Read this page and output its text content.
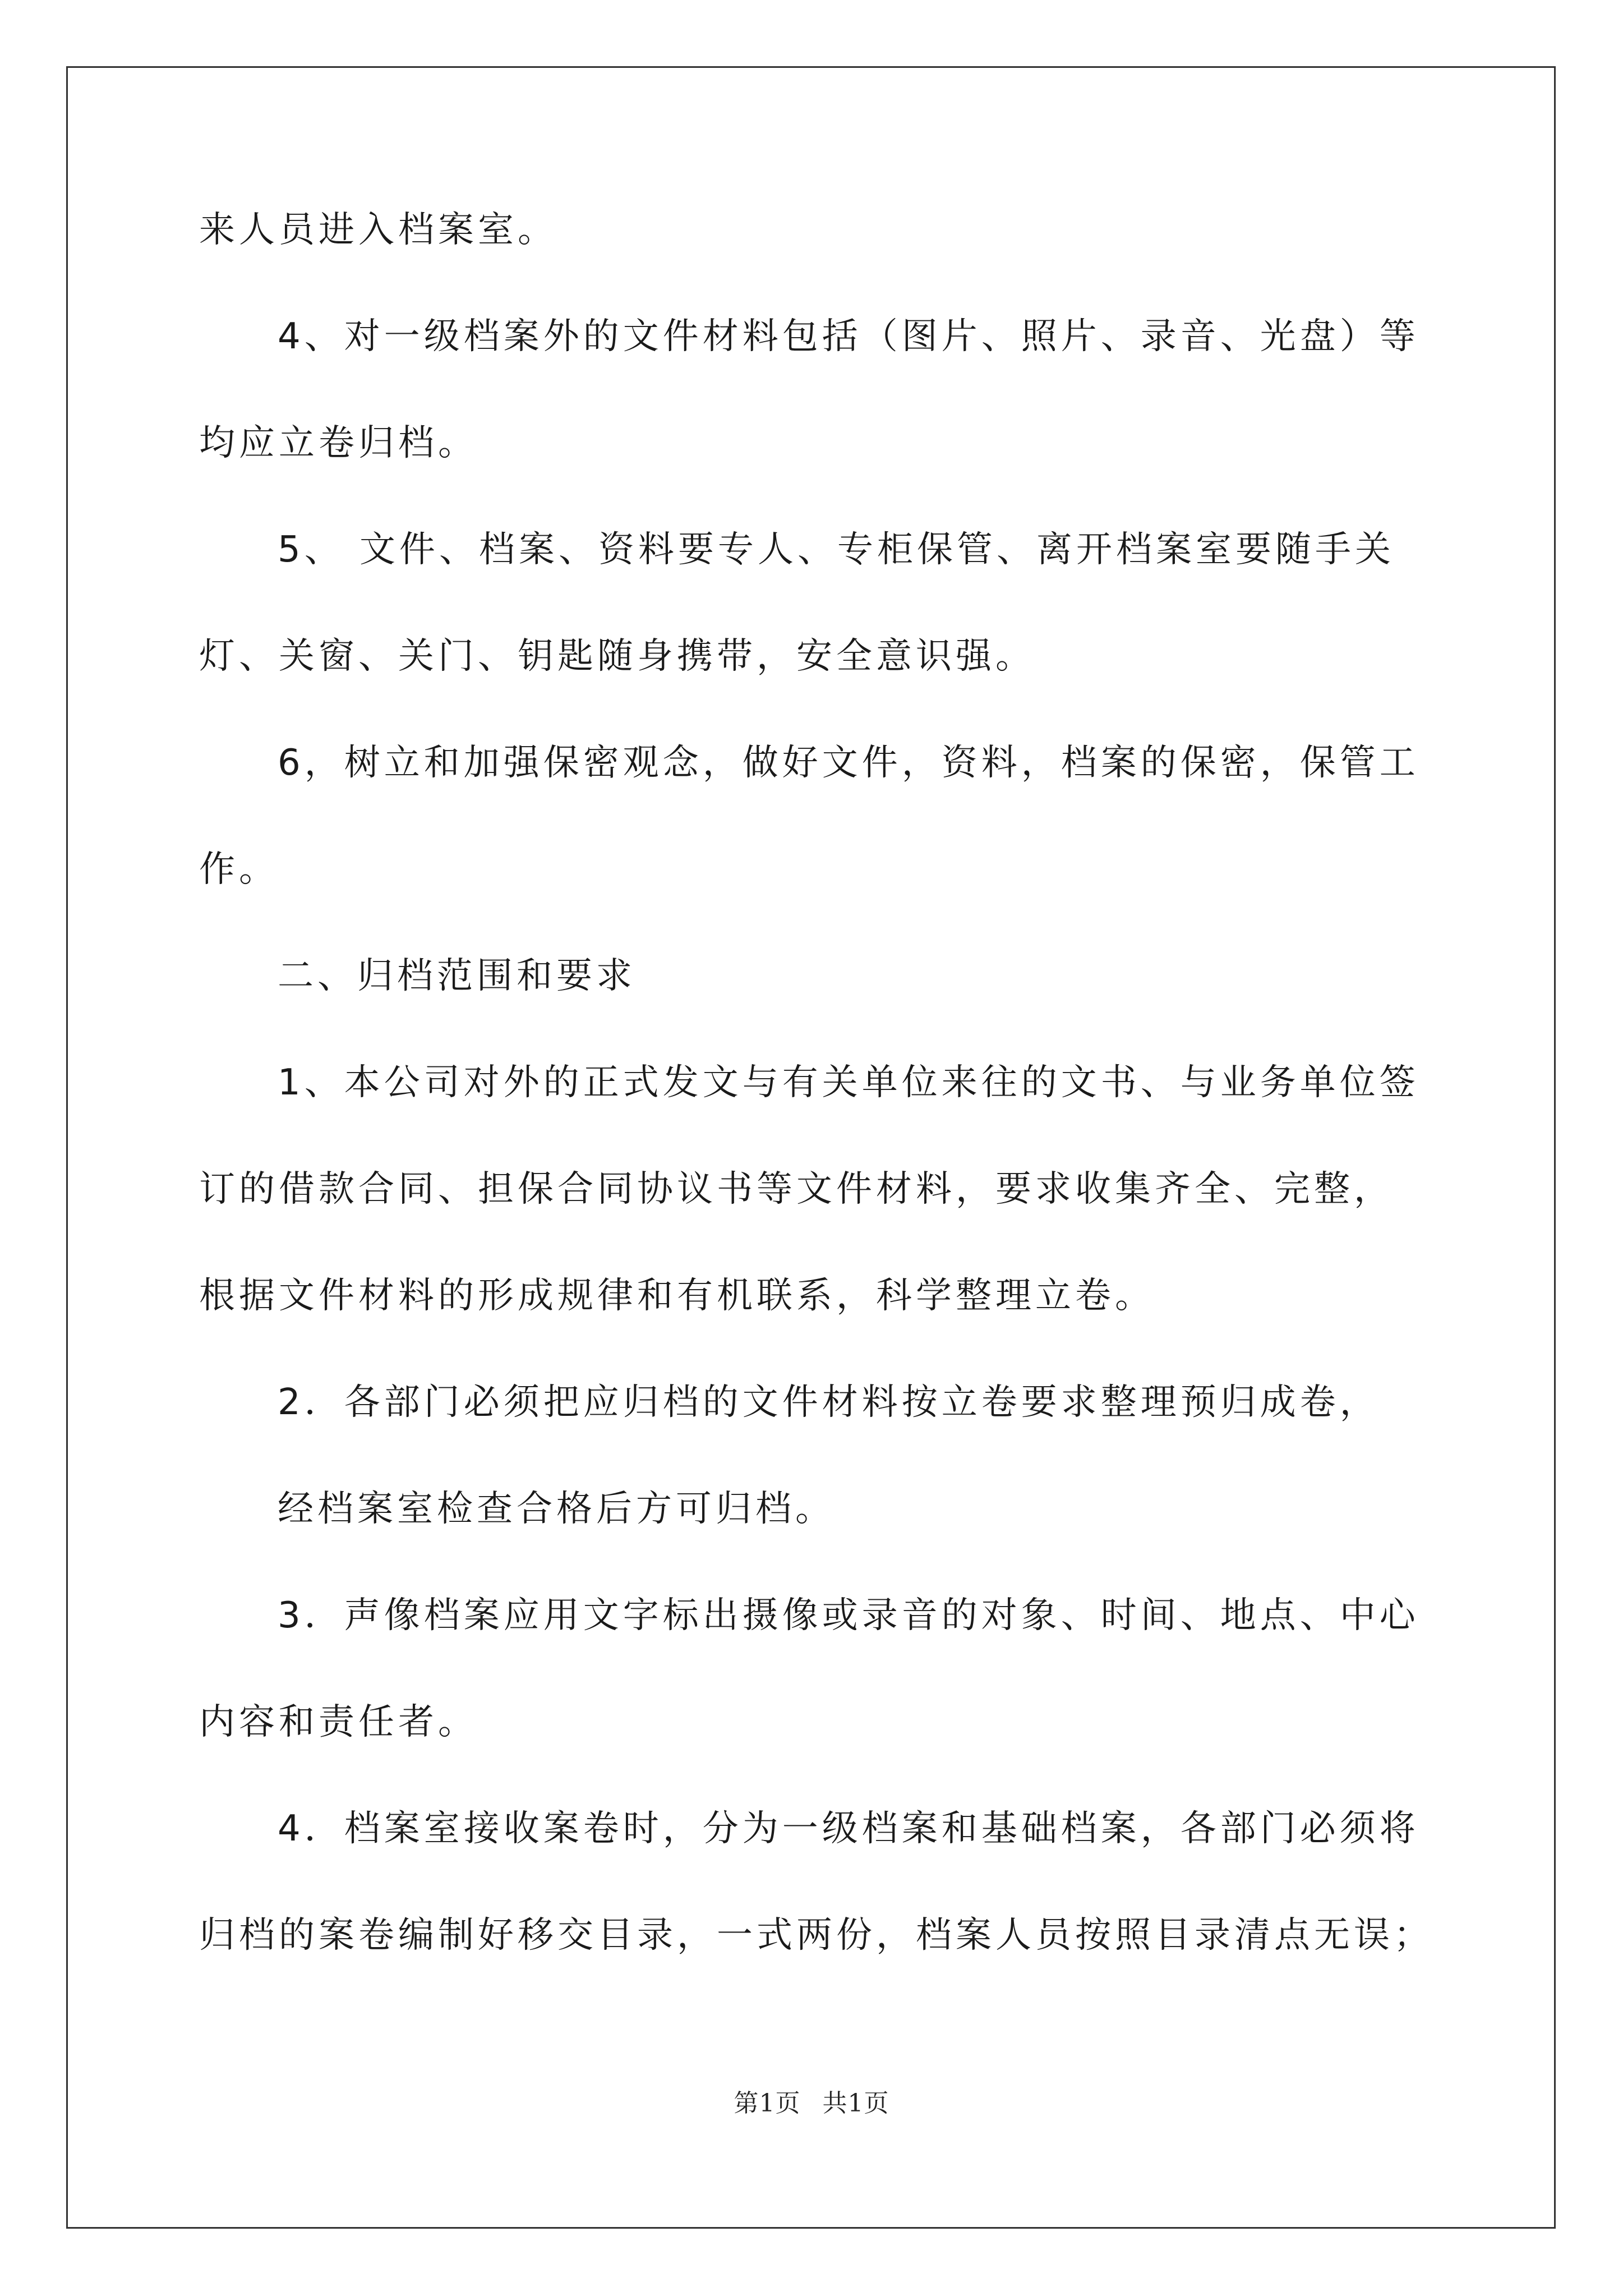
来人员进入档案室。
4、对一级档案外的文件材料包括（图片、照片、录音、光盘）等
均应立卷归档。
5、 文件、档案、资料要专人、专柜保管、离开档案室要随手关
灯、关窗、关门、钥匙随身携带，安全意识强。
6，树立和加强保密观念，做好文件，资料，档案的保密，保管工
作。
二、归档范围和要求
1、本公司对外的正式发文与有关单位来往的文书、与业务单位签
订的借款合同、担保合同协议书等文件材料，要求收集齐全、完整，
根据文件材料的形成规律和有机联系，科学整理立卷。
2．各部门必须把应归档的文件材料按立卷要求整理预归成卷，
经档案室检查合格后方可归档。
3．声像档案应用文字标出摄像或录音的对象、时间、地点、中心
内容和责任者。
4．档案室接收案卷时，分为一级档案和基础档案，各部门必须将
归档的案卷编制好移交目录，一式两份，档案人员按照目录清点无误；
第1页 共1页
